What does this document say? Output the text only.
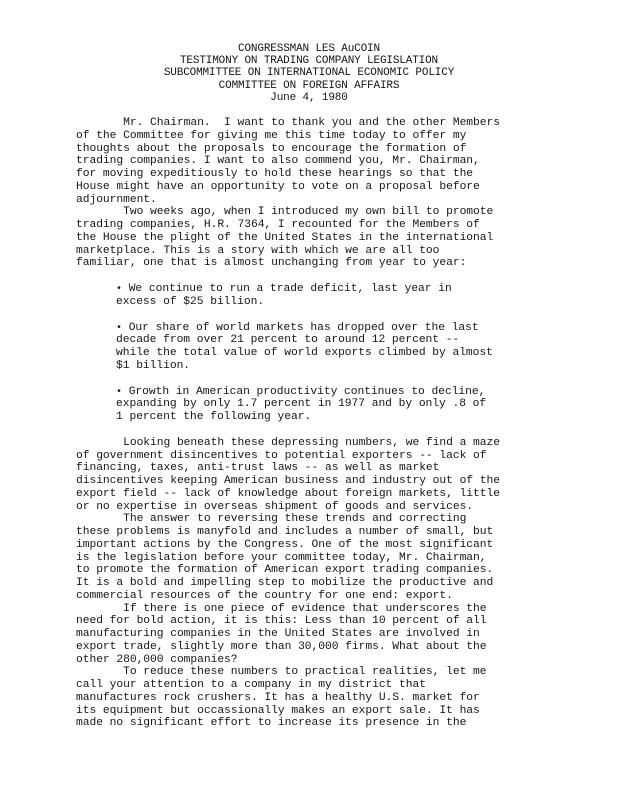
CONGRESSMAN LES AuCOIN
TESTIMONY ON TRADING COMPANY LEGISLATION
SUBCOMMITTEE ON INTERNATIONAL ECONOMIC POLICY
COMMITTEE ON FOREIGN AFFAIRS
June 4, 1980
Mr. Chairman.  I want to thank you and the other Members
of the Committee for giving me this time today to offer my
thoughts about the proposals to encourage the formation of
trading companies. I want to also commend you, Mr. Chairman,
for moving expeditiously to hold these hearings so that the
House might have an opportunity to vote on a proposal before
adjournment.
Two weeks ago, when I introduced my own bill to promote
trading companies, H.R. 7364, I recounted for the Members of
the House the plight of the United States in the international
marketplace. This is a story with which we are all too
familiar, one that is almost unchanging from year to year:
• We continue to run a trade deficit, last year in
excess of $25 billion.
• Our share of world markets has dropped over the last
decade from over 21 percent to around 12 percent --
while the total value of world exports climbed by almost
$1 billion.
• Growth in American productivity continues to decline,
expanding by only 1.7 percent in 1977 and by only .8 of
1 percent the following year.
Looking beneath these depressing numbers, we find a maze
of government disincentives to potential exporters -- lack of
financing, taxes, anti-trust laws -- as well as market
disincentives keeping American business and industry out of the
export field -- lack of knowledge about foreign markets, little
or no expertise in overseas shipment of goods and services.
The answer to reversing these trends and correcting
these problems is manyfold and includes a number of small, but
important actions by the Congress. One of the most significant
is the legislation before your committee today, Mr. Chairman,
to promote the formation of American export trading companies.
It is a bold and impelling step to mobilize the productive and
commercial resources of the country for one end: export.
If there is one piece of evidence that underscores the
need for bold action, it is this: Less than 10 percent of all
manufacturing companies in the United States are involved in
export trade, slightly more than 30,000 firms. What about the
other 280,000 companies?
To reduce these numbers to practical realities, let me
call your attention to a company in my district that
manufactures rock crushers. It has a healthy U.S. market for
its equipment but occassionally makes an export sale. It has
made no significant effort to increase its presence in the
